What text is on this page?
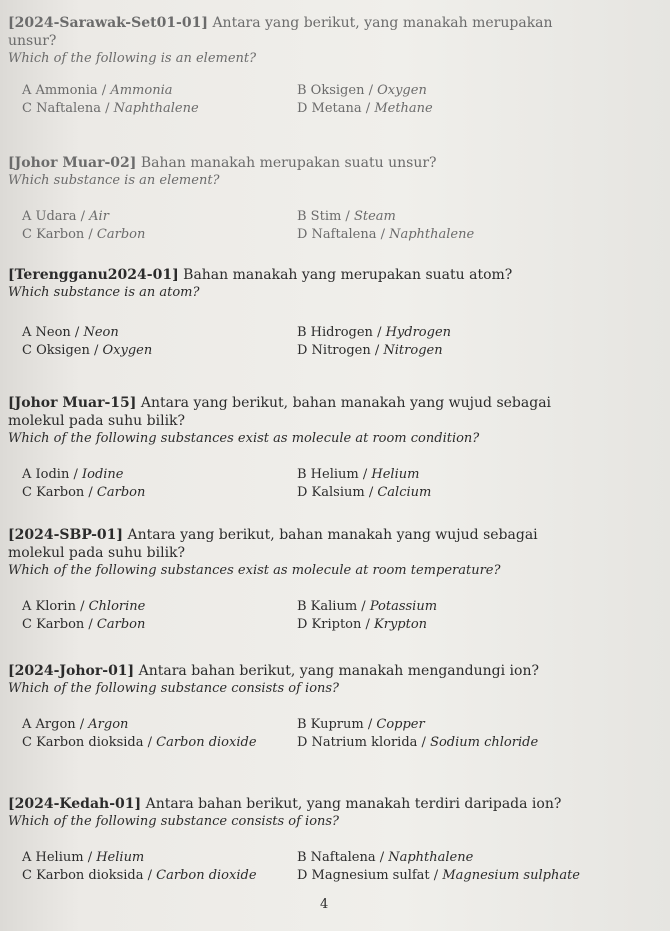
[2024-Sarawak-Set01-01] Antara yang berikut, yang manakah merupakan
unsur?
Which of the following is an element?
A Ammonia / Ammonia	B Oksigen / Oxygen
C Naftalena / Naphthalene	D Metana / Methane
[Johor Muar-02] Bahan manakah merupakan suatu unsur?
Which substance is an element?
A Udara / Air	B Stim / Steam
C Karbon / Carbon	D Naftalena / Naphthalene
[Terengganu2024-01] Bahan manakah yang merupakan suatu atom?
Which substance is an atom?
A Neon / Neon	B Hidrogen / Hydrogen
C Oksigen / Oxygen	D Nitrogen / Nitrogen
[Johor Muar-15] Antara yang berikut, bahan manakah yang wujud sebagai
molekul pada suhu bilik?
Which of the following substances exist as molecule at room condition?
A Iodin / Iodine	B Helium / Helium
C Karbon / Carbon	D Kalsium / Calcium
[2024-SBP-01] Antara yang berikut, bahan manakah yang wujud sebagai
molekul pada suhu bilik?
Which of the following substances exist as molecule at room temperature?
A Klorin / Chlorine	B Kalium / Potassium
C Karbon / Carbon	D Kripton / Krypton
[2024-Johor-01] Antara bahan berikut, yang manakah mengandungi ion?
Which of the following substance consists of ions?
A Argon / Argon	B Kuprum / Copper
C Karbon dioksida / Carbon dioxide	D Natrium klorida / Sodium chloride
[2024-Kedah-01] Antara bahan berikut, yang manakah terdiri daripada ion?
Which of the following substance consists of ions?
A Helium / Helium	B Naftalena / Naphthalene
C Karbon dioksida / Carbon dioxide	D Magnesium sulfat / Magnesium sulphate
4
